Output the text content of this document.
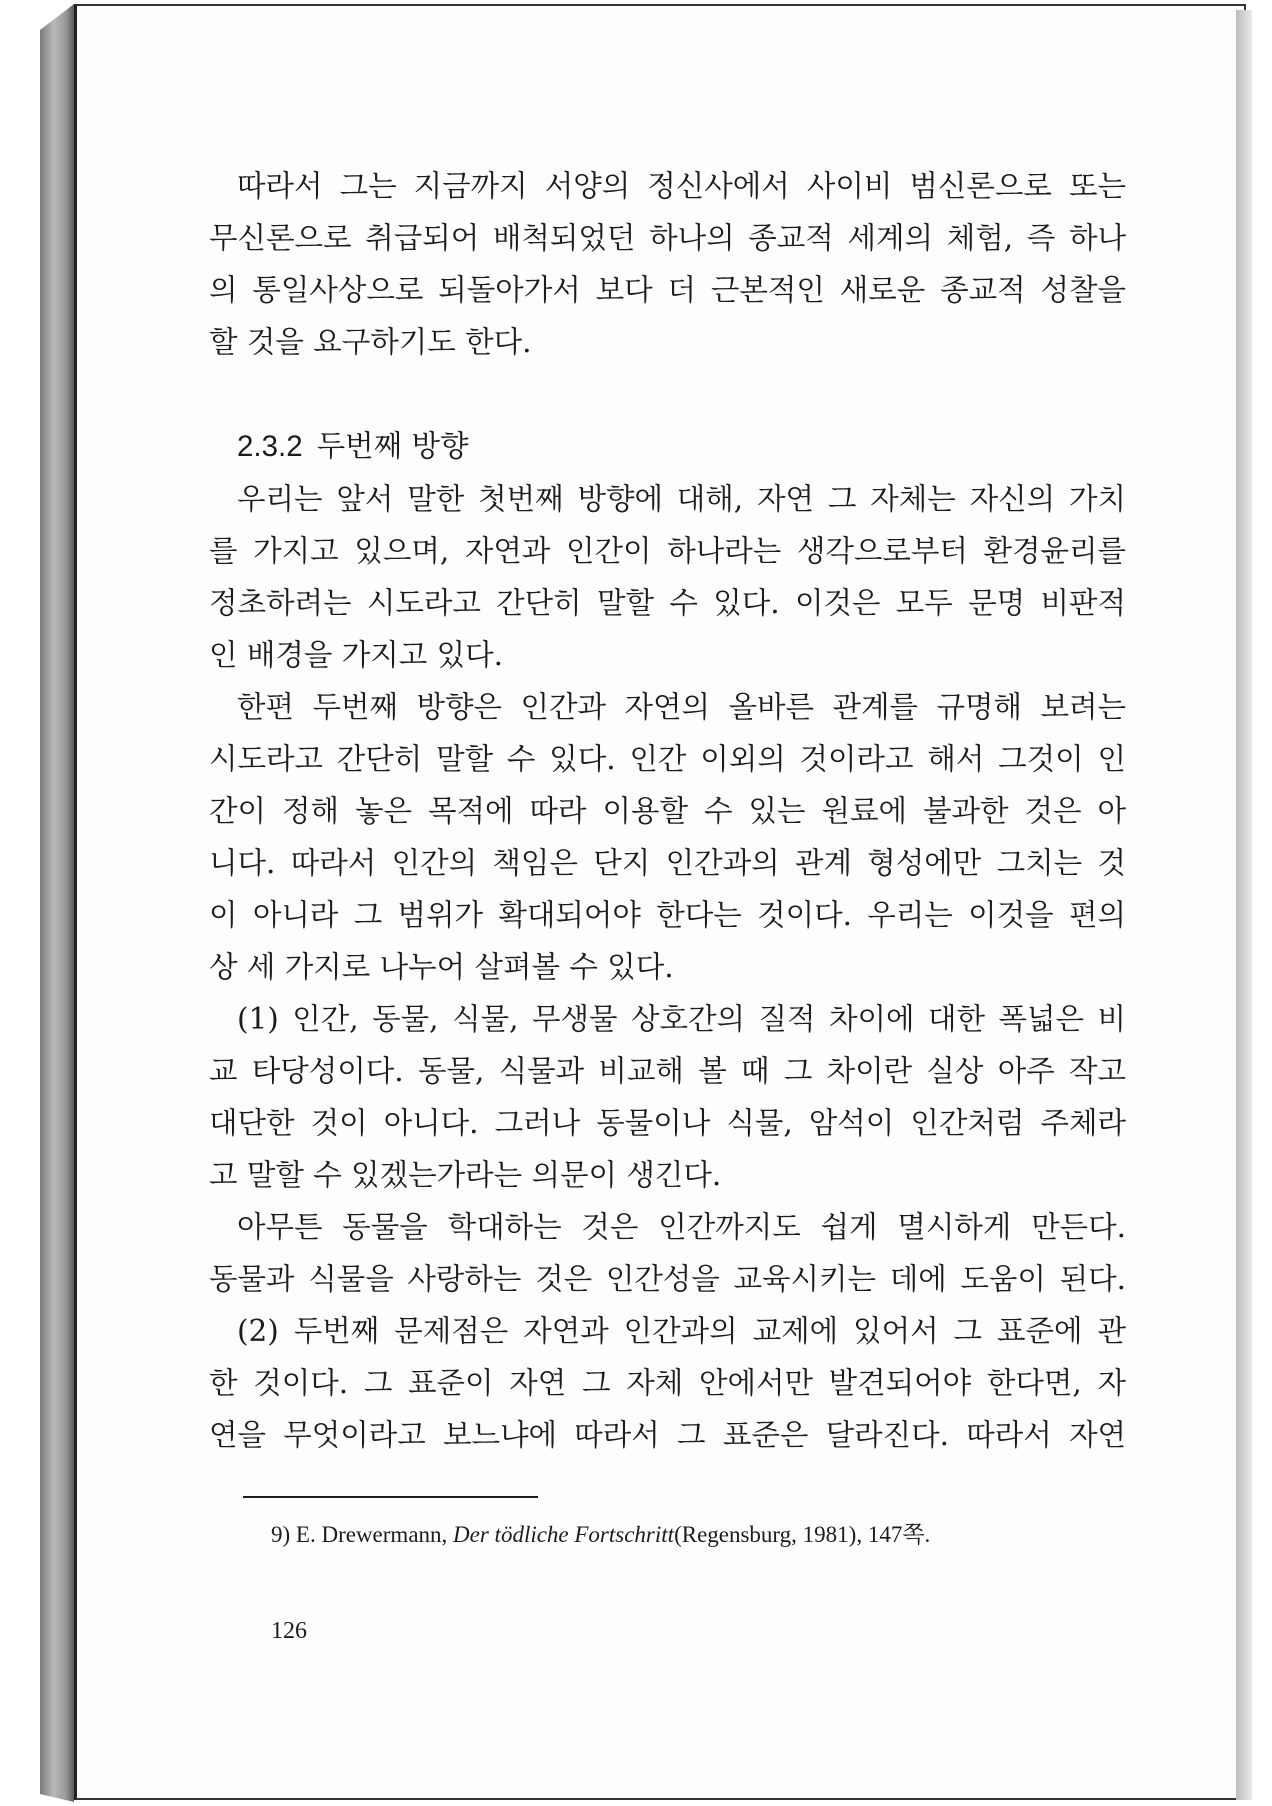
따라서 그는 지금까지 서양의 정신사에서 사이비 범신론으로 또는
무신론으로 취급되어 배척되었던 하나의 종교적 세계의 체험, 즉 하나
의 통일사상으로 되돌아가서 보다 더 근본적인 새로운 종교적 성찰을
할 것을 요구하기도 한다.
우리는 앞서 말한 첫번째 방향에 대해, 자연 그 자체는 자신의 가치
를 가지고 있으며, 자연과 인간이 하나라는 생각으로부터 환경윤리를
정초하려는 시도라고 간단히 말할 수 있다. 이것은 모두 문명 비판적
인 배경을 가지고 있다.
한편 두번째 방향은 인간과 자연의 올바른 관계를 규명해 보려는
시도라고 간단히 말할 수 있다. 인간 이외의 것이라고 해서 그것이 인
간이 정해 놓은 목적에 따라 이용할 수 있는 원료에 불과한 것은 아
니다. 따라서 인간의 책임은 단지 인간과의 관계 형성에만 그치는 것
이 아니라 그 범위가 확대되어야 한다는 것이다. 우리는 이것을 편의
상 세 가지로 나누어 살펴볼 수 있다.
(1) 인간, 동물, 식물, 무생물 상호간의 질적 차이에 대한 폭넓은 비
교 타당성이다. 동물, 식물과 비교해 볼 때 그 차이란 실상 아주 작고
대단한 것이 아니다. 그러나 동물이나 식물, 암석이 인간처럼 주체라
고 말할 수 있겠는가라는 의문이 생긴다.
아무튼 동물을 학대하는 것은 인간까지도 쉽게 멸시하게 만든다.
동물과 식물을 사랑하는 것은 인간성을 교육시키는 데에 도움이 된다.
(2) 두번째 문제점은 자연과 인간과의 교제에 있어서 그 표준에 관
한 것이다. 그 표준이 자연 그 자체 안에서만 발견되어야 한다면, 자
연을 무엇이라고 보느냐에 따라서 그 표준은 달라진다. 따라서 자연
2.3.2 두번째 방향
9) E. Drewermann, Der tödliche Fortschritt(Regensburg, 1981), 147쪽.
126
